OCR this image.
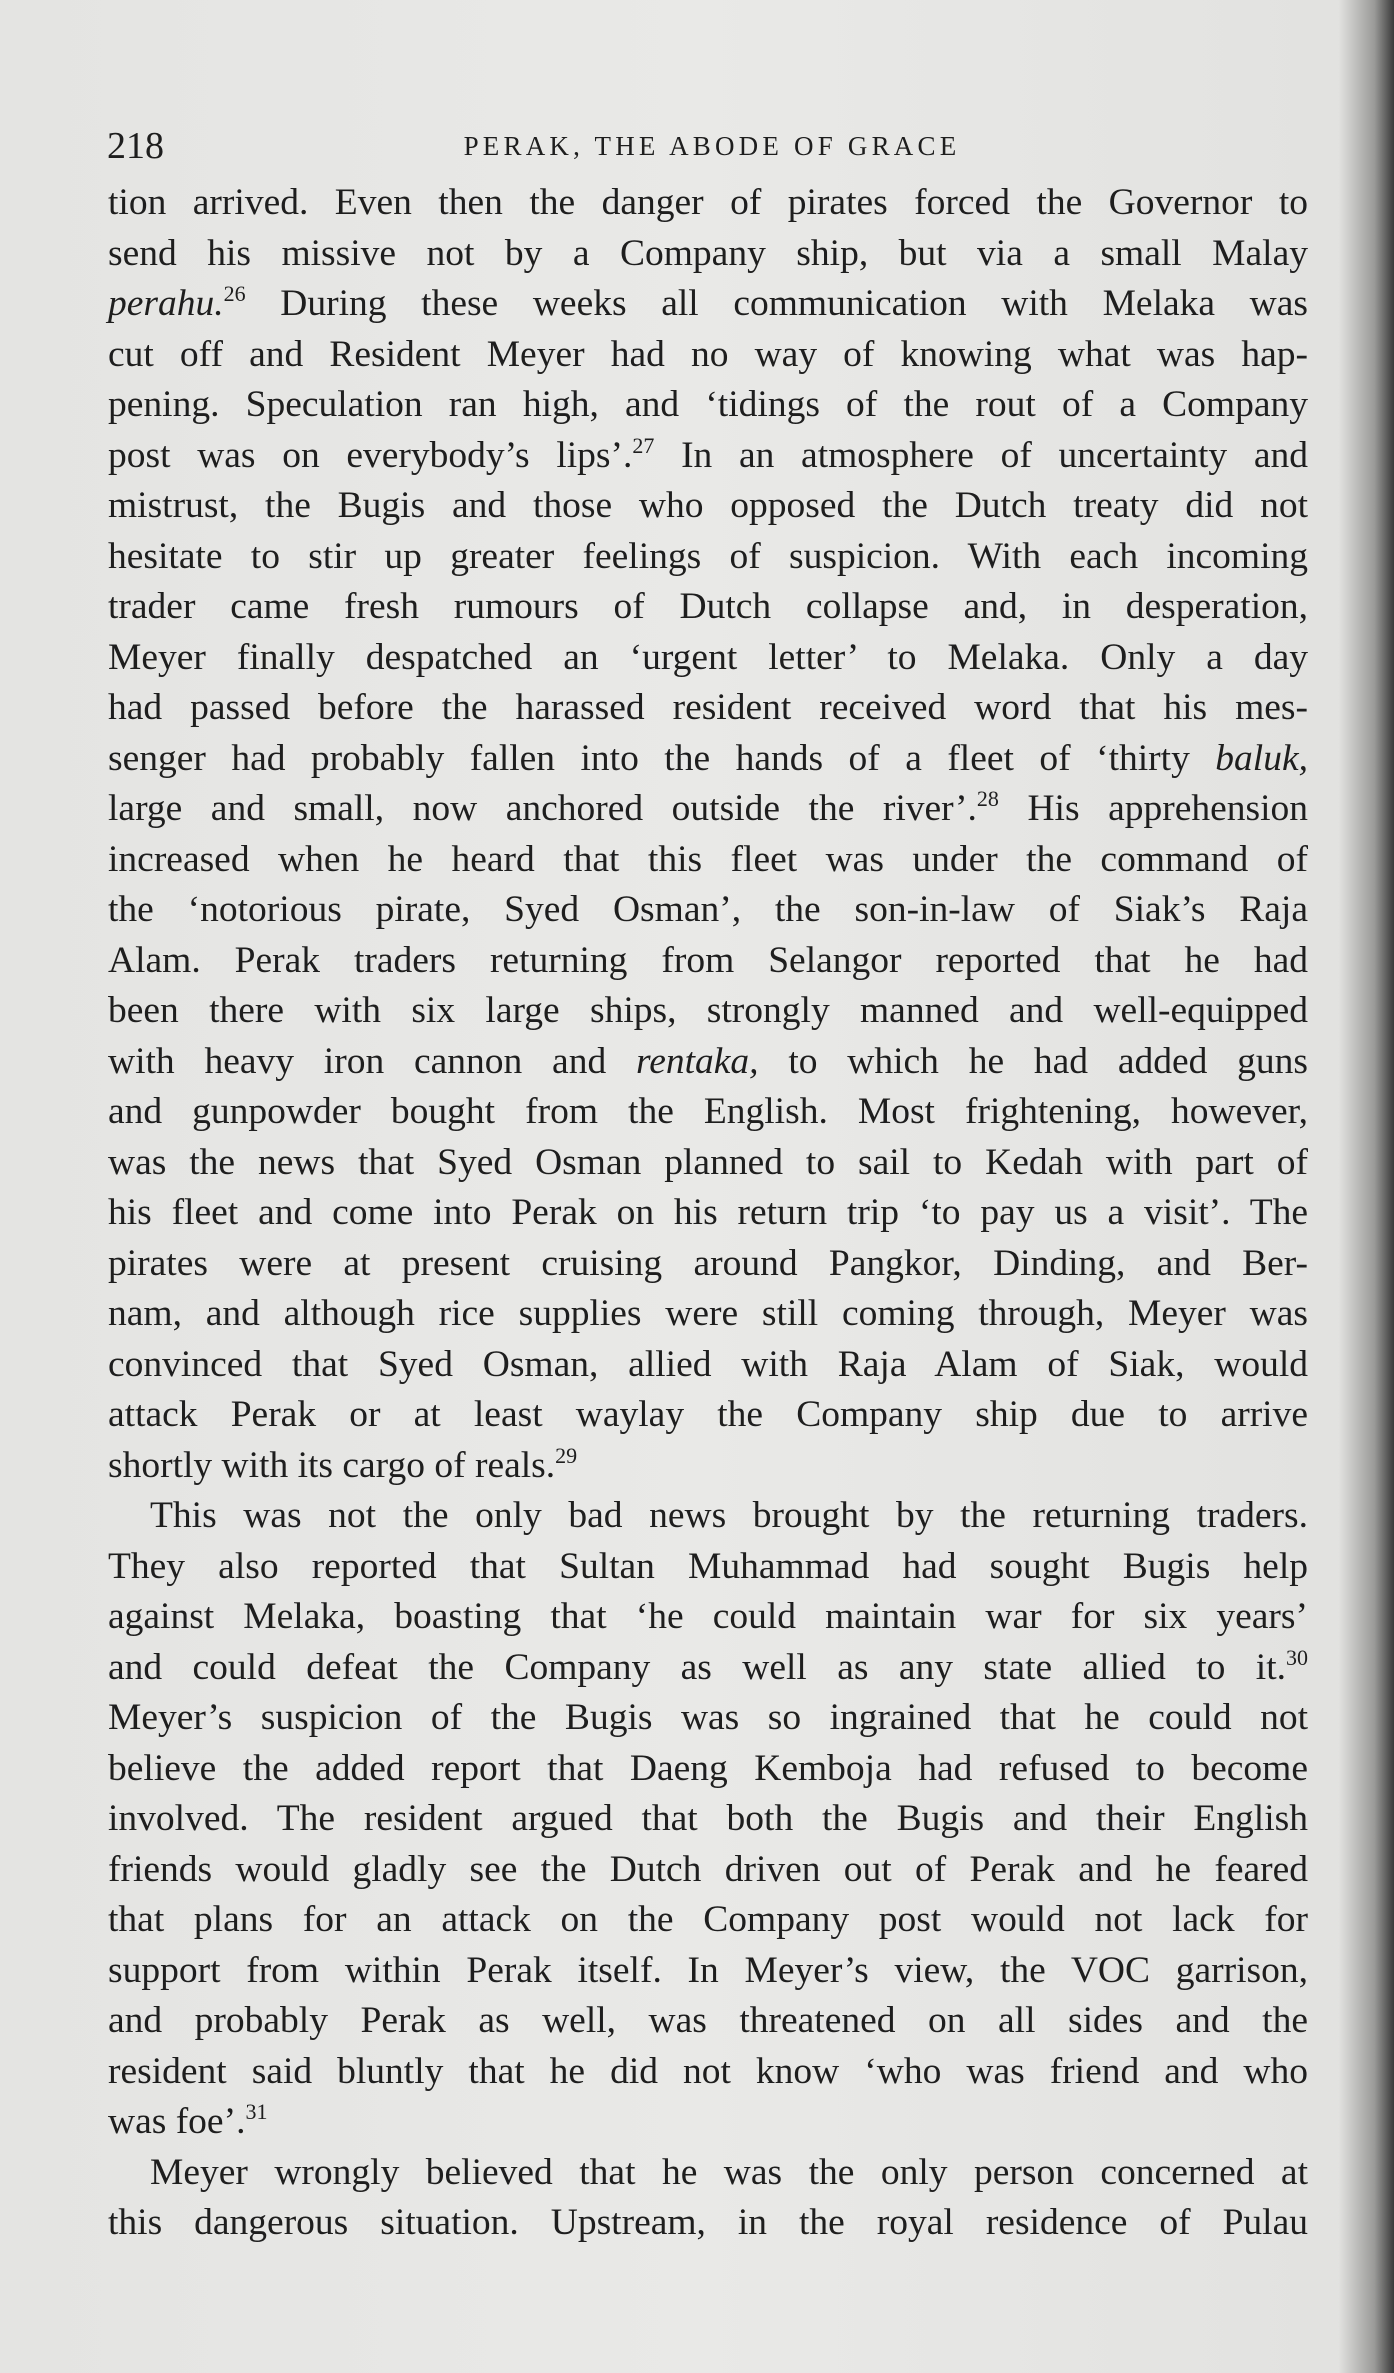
218	PERAK, THE ABODE OF GRACE
tion arrived. Even then the danger of pirates forced the Governor to
send his missive not by a Company ship, but via a small Malay
perahu.$^{26}$ During these weeks all communication with Melaka was
cut off and Resident Meyer had no way of knowing what was hap-
pening. Speculation ran high, and ‘tidings of the rout of a Company
post was on everybody’s lips’.$^{27}$ In an atmosphere of uncertainty and
mistrust, the Bugis and those who opposed the Dutch treaty did not
hesitate to stir up greater feelings of suspicion. With each incoming
trader came fresh rumours of Dutch collapse and, in desperation,
Meyer finally despatched an ‘urgent letter’ to Melaka. Only a day
had passed before the harassed resident received word that his mes-
senger had probably fallen into the hands of a fleet of ‘thirty baluk,
large and small, now anchored outside the river’.$^{28}$ His apprehension
increased when he heard that this fleet was under the command of
the ‘notorious pirate, Syed Osman’, the son-in-law of Siak’s Raja
Alam. Perak traders returning from Selangor reported that he had
been there with six large ships, strongly manned and well-equipped
with heavy iron cannon and rentaka, to which he had added guns
and gunpowder bought from the English. Most frightening, however,
was the news that Syed Osman planned to sail to Kedah with part of
his fleet and come into Perak on his return trip ‘to pay us a visit’. The
pirates were at present cruising around Pangkor, Dinding, and Ber-
nam, and although rice supplies were still coming through, Meyer was
convinced that Syed Osman, allied with Raja Alam of Siak, would
attack Perak or at least waylay the Company ship due to arrive
shortly with its cargo of reals.$^{29}$
This was not the only bad news brought by the returning traders.
They also reported that Sultan Muhammad had sought Bugis help
against Melaka, boasting that ‘he could maintain war for six years’
and could defeat the Company as well as any state allied to it.$^{30}$
Meyer’s suspicion of the Bugis was so ingrained that he could not
believe the added report that Daeng Kemboja had refused to become
involved. The resident argued that both the Bugis and their English
friends would gladly see the Dutch driven out of Perak and he feared
that plans for an attack on the Company post would not lack for
support from within Perak itself. In Meyer’s view, the VOC garrison,
and probably Perak as well, was threatened on all sides and the
resident said bluntly that he did not know ‘who was friend and who
was foe’.$^{31}$
Meyer wrongly believed that he was the only person concerned at
this dangerous situation. Upstream, in the royal residence of Pulau
